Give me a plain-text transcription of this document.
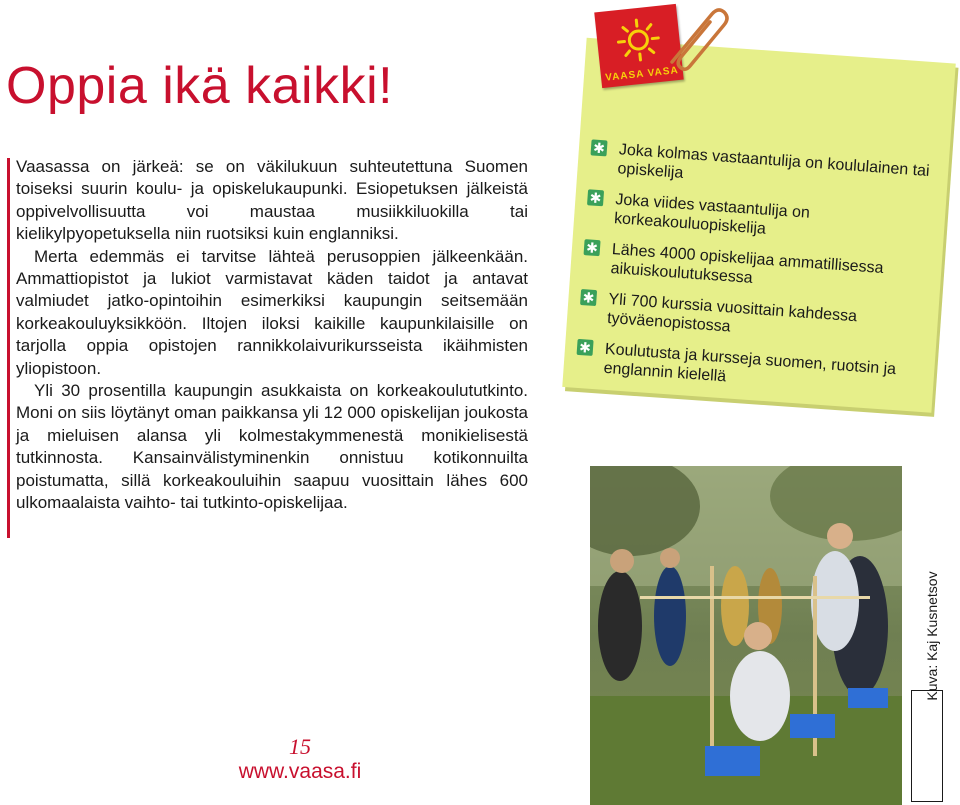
Oppia ikä kaikki!

Vaasassa on järkeä: se on väkilukuun suhteutettuna Suomen toiseksi suurin koulu- ja opiskelukaupunki. Esiopetuksen jälkeistä oppivelvollisuutta voi maustaa musiikkiluokilla tai kielikylpyopetuksella niin ruotsiksi kuin englanniksi.

Merta edemmäs ei tarvitse lähteä perusoppien jälkeenkään. Ammattiopistot ja lukiot varmistavat käden taidot ja antavat valmiudet jatko-opintoihin esimerkiksi kaupungin seitsemään korkeakouluyksikköön. Iltojen iloksi kaikille kaupunkilaisille on tarjolla oppia opistojen rannikkolaivurikursseista ikäihmisten yliopistoon.

Yli 30 prosentilla kaupungin asukkaista on korkeakoulututkinto. Moni on siis löytänyt oman paikkansa yli 12 000 opiskelijan joukosta ja mieluisen alansa yli kolmestakymmenestä monikielisestä tutkinnosta. Kansainvälistyminenkin onnistuu kotikonnuilta poistumatta, sillä korkeakouluihin saapuu vuosittain lähes 600 ulkomaalaista vaihto- tai tutkinto-opiskelijaa.

✱ Joka kolmas vastaantulija on koululainen tai opiskelija
✱ Joka viides vastaantulija on korkeakouluopiskelija
✱ Lähes 4000 opiskelijaa ammatillisessa aikuiskoulutuksessa
✱ Yli 700 kurssia vuosittain kahdessa työväenopistossa
✱ Koulutusta ja kursseja suomen, ruotsin ja englannin kielellä
VAASA VASA
Kuva: Kaj Kusnetsov
15
www.vaasa.fi
